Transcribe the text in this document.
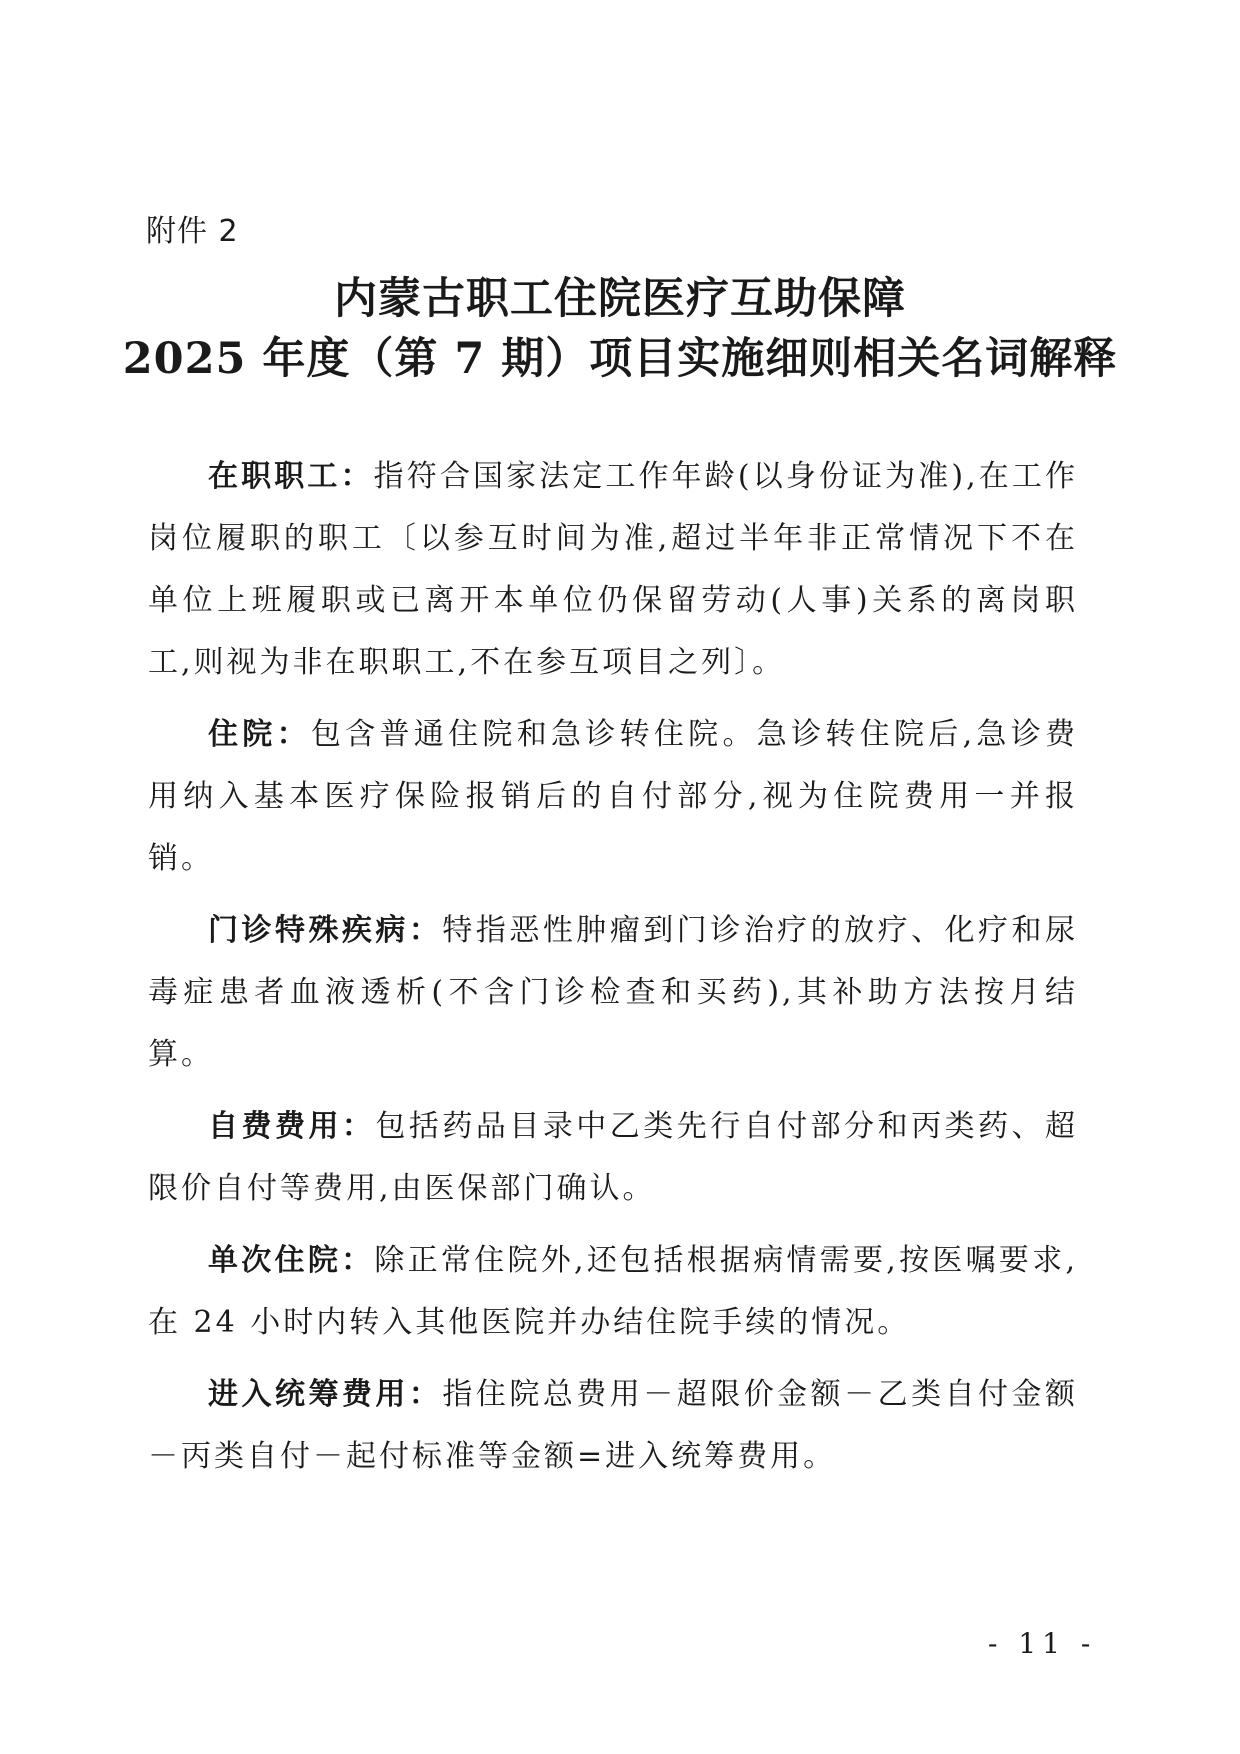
附件 2
内蒙古职工住院医疗互助保障
2025 年度（第 7 期）项目实施细则相关名词解释

在职职工：指符合国家法定工作年龄(以身份证为准),在工作岗位履职的职工〔以参互时间为准,超过半年非正常情况下不在单位上班履职或已离开本单位仍保留劳动(人事)关系的离岗职工,则视为非在职职工,不在参互项目之列〕。

住院：包含普通住院和急诊转住院。急诊转住院后,急诊费用纳入基本医疗保险报销后的自付部分,视为住院费用一并报销。

门诊特殊疾病：特指恶性肿瘤到门诊治疗的放疗、化疗和尿毒症患者血液透析(不含门诊检查和买药),其补助方法按月结算。

自费费用：包括药品目录中乙类先行自付部分和丙类药、超限价自付等费用,由医保部门确认。

单次住院：除正常住院外,还包括根据病情需要,按医嘱要求,在 24 小时内转入其他医院并办结住院手续的情况。

进入统筹费用：指住院总费用－超限价金额－乙类自付金额－丙类自付－起付标准等金额=进入统筹费用。

- 11 -
